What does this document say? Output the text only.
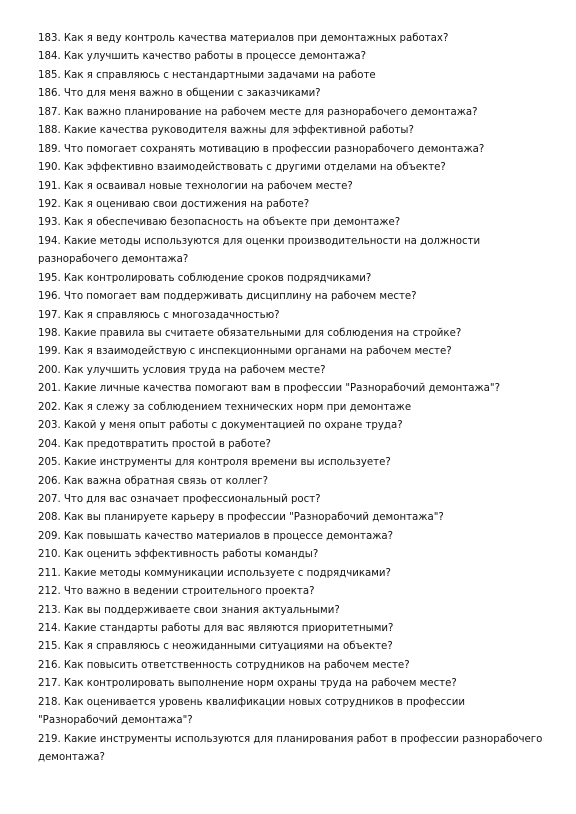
183. Как я веду контроль качества материалов при демонтажных работах?
184. Как улучшить качество работы в процессе демонтажа?
185. Как я справляюсь с нестандартными задачами на работе
186. Что для меня важно в общении с заказчиками?
187. Как важно планирование на рабочем месте для разнорабочего демонтажа?
188. Какие качества руководителя важны для эффективной работы?
189. Что помогает сохранять мотивацию в профессии разнорабочего демонтажа?
190. Как эффективно взаимодействовать с другими отделами на объекте?
191. Как я осваивал новые технологии на рабочем месте?
192. Как я оцениваю свои достижения на работе?
193. Как я обеспечиваю безопасность на объекте при демонтаже?
194. Какие методы используются для оценки производительности на должности
разнорабочего демонтажа?
195. Как контролировать соблюдение сроков подрядчиками?
196. Что помогает вам поддерживать дисциплину на рабочем месте?
197. Как я справляюсь с многозадачностью?
198. Какие правила вы считаете обязательными для соблюдения на стройке?
199. Как я взаимодействую с инспекционными органами на рабочем месте?
200. Как улучшить условия труда на рабочем месте?
201. Какие личные качества помогают вам в профессии "Разнорабочий демонтажа"?
202. Как я слежу за соблюдением технических норм при демонтаже
203. Какой у меня опыт работы с документацией по охране труда?
204. Как предотвратить простой в работе?
205. Какие инструменты для контроля времени вы используете?
206. Как важна обратная связь от коллег?
207. Что для вас означает профессиональный рост?
208. Как вы планируете карьеру в профессии "Разнорабочий демонтажа"?
209. Как повышать качество материалов в процессе демонтажа?
210. Как оценить эффективность работы команды?
211. Какие методы коммуникации используете с подрядчиками?
212. Что важно в ведении строительного проекта?
213. Как вы поддерживаете свои знания актуальными?
214. Какие стандарты работы для вас являются приоритетными?
215. Как я справляюсь с неожиданными ситуациями на объекте?
216. Как повысить ответственность сотрудников на рабочем месте?
217. Как контролировать выполнение норм охраны труда на рабочем месте?
218. Как оценивается уровень квалификации новых сотрудников в профессии
"Разнорабочий демонтажа"?
219. Какие инструменты используются для планирования работ в профессии разнорабочего
демонтажа?
